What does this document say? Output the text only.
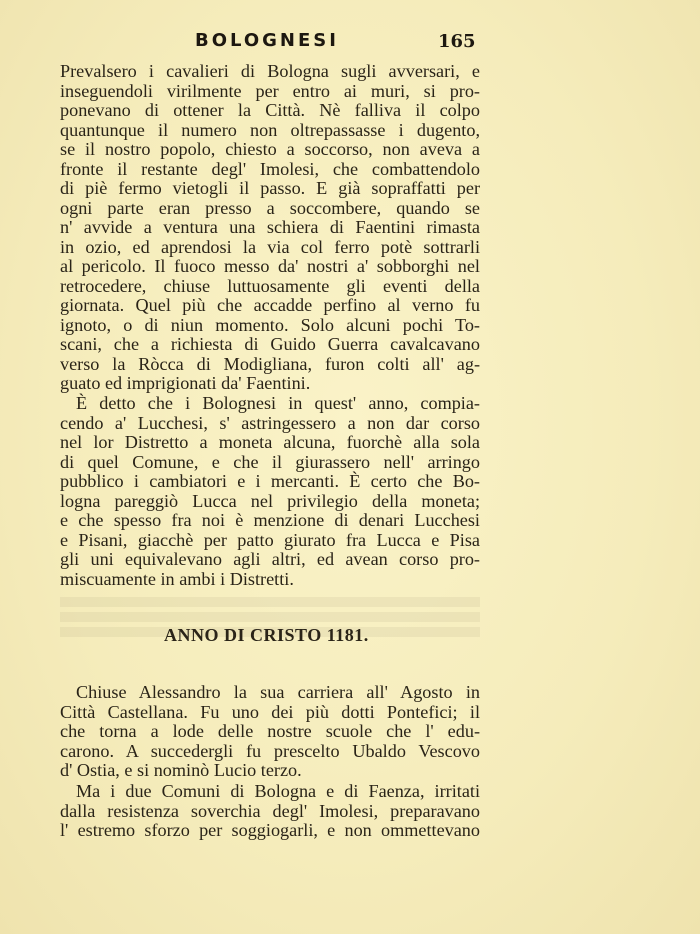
BOLOGNESI	165
Prevalsero i cavalieri di Bologna sugli avversari, e
inseguendoli virilmente per entro ai muri, si pro-
ponevano di ottener la Città. Nè falliva il colpo
quantunque il numero non oltrepassasse i dugento,
se il nostro popolo, chiesto a soccorso, non aveva a
fronte il restante degl' Imolesi, che combattendolo
di piè fermo vietogli il passo. E già sopraffatti per
ogni parte eran presso a soccombere, quando se
n' avvide a ventura una schiera di Faentini rimasta
in ozio, ed aprendosi la via col ferro potè sottrarli
al pericolo. Il fuoco messo da' nostri a' sobborghi nel
retrocedere, chiuse luttuosamente gli eventi della
giornata. Quel più che accadde perfino al verno fu
ignoto, o di niun momento. Solo alcuni pochi To-
scani, che a richiesta di Guido Guerra cavalcavano
verso la Ròcca di Modigliana, furon colti all' ag-
guato ed imprigionati da' Faentini.
È detto che i Bolognesi in quest' anno, compia-
cendo a' Lucchesi, s' astringessero a non dar corso
nel lor Distretto a moneta alcuna, fuorchè alla sola
di quel Comune, e che il giurassero nell' arringo
pubblico i cambiatori e i mercanti. È certo che Bo-
logna pareggiò Lucca nel privilegio della moneta;
e che spesso fra noi è menzione di denari Lucchesi
e Pisani, giacchè per patto giurato fra Lucca e Pisa
gli uni equivalevano agli altri, ed avean corso pro-
miscuamente in ambi i Distretti.
ANNO DI CRISTO 1181.
Chiuse Alessandro la sua carriera all' Agosto in
Città Castellana. Fu uno dei più dotti Pontefici; il
che torna a lode delle nostre scuole che l' edu-
carono. A succedergli fu prescelto Ubaldo Vescovo
d' Ostia, e si nominò Lucio terzo.
Ma i due Comuni di Bologna e di Faenza, irritati
dalla resistenza soverchia degl' Imolesi, preparavano
l' estremo sforzo per soggiogarli, e non ommettevano
